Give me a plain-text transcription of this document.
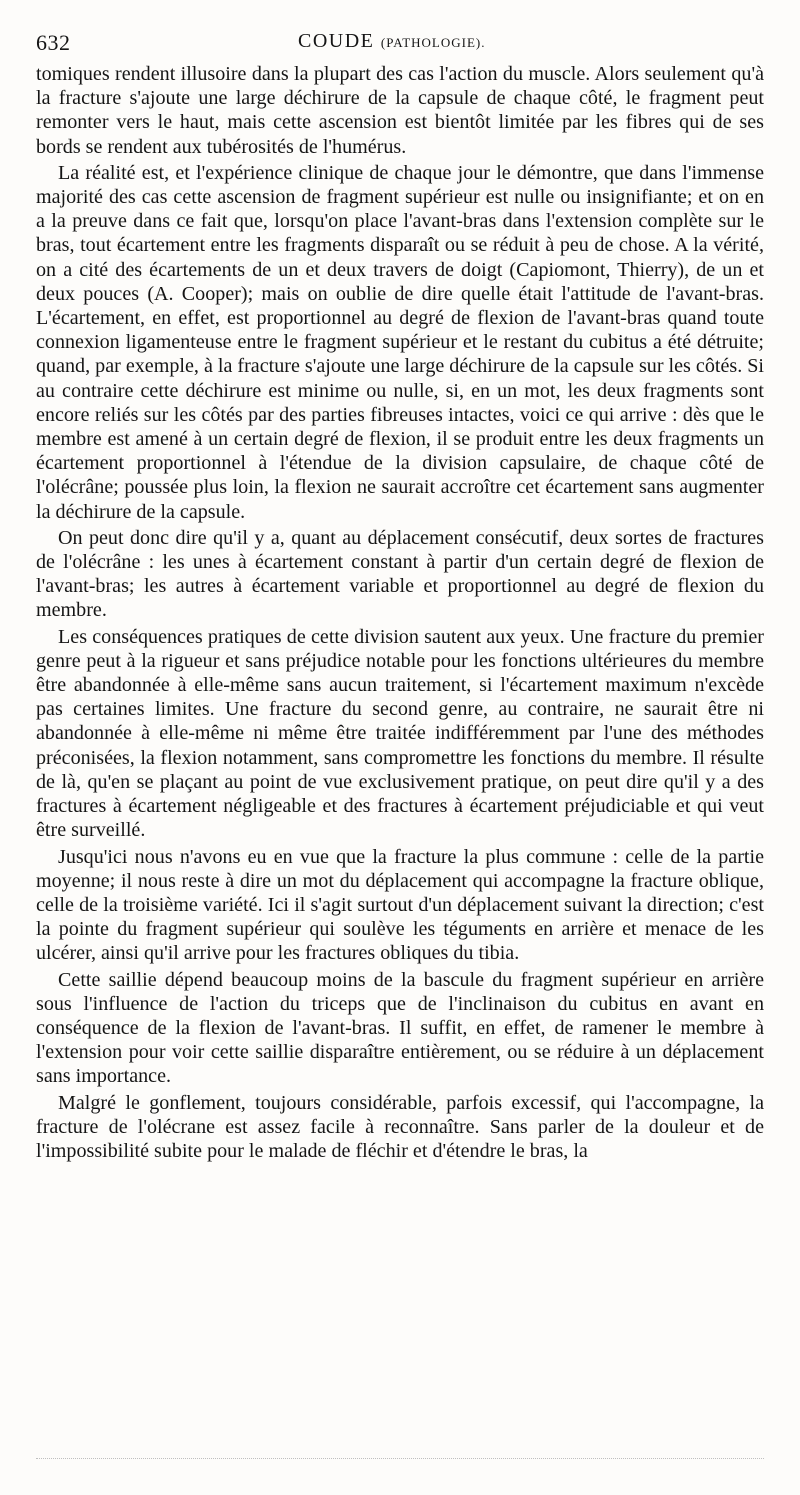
632	COUDE (PATHOLOGIE).

tomiques rendent illusoire dans la plupart des cas l'action du muscle. Alors seulement qu'à la fracture s'ajoute une large déchirure de la capsule de chaque côté, le fragment peut remonter vers le haut, mais cette ascension est bientôt limitée par les fibres qui de ses bords se rendent aux tubérosités de l'humérus.

La réalité est, et l'expérience clinique de chaque jour le démontre, que dans l'immense majorité des cas cette ascension de fragment supérieur est nulle ou insignifiante; et on en a la preuve dans ce fait que, lorsqu'on place l'avant-bras dans l'extension complète sur le bras, tout écartement entre les fragments disparaît ou se réduit à peu de chose. A la vérité, on a cité des écartements de un et deux travers de doigt (Capiomont, Thierry), de un et deux pouces (A. Cooper); mais on oublie de dire quelle était l'attitude de l'avant-bras. L'écartement, en effet, est proportionnel au degré de flexion de l'avant-bras quand toute connexion ligamenteuse entre le fragment supérieur et le restant du cubitus a été détruite; quand, par exemple, à la fracture s'ajoute une large déchirure de la capsule sur les côtés. Si au contraire cette déchirure est minime ou nulle, si, en un mot, les deux fragments sont encore reliés sur les côtés par des parties fibreuses intactes, voici ce qui arrive : dès que le membre est amené à un certain degré de flexion, il se produit entre les deux fragments un écartement proportionnel à l'étendue de la division capsulaire, de chaque côté de l'olécrâne; poussée plus loin, la flexion ne saurait accroître cet écartement sans augmenter la déchirure de la capsule.

On peut donc dire qu'il y a, quant au déplacement consécutif, deux sortes de fractures de l'olécrâne : les unes à écartement constant à partir d'un certain degré de flexion de l'avant-bras; les autres à écartement variable et proportionnel au degré de flexion du membre.

Les conséquences pratiques de cette division sautent aux yeux. Une fracture du premier genre peut à la rigueur et sans préjudice notable pour les fonctions ultérieures du membre être abandonnée à elle-même sans aucun traitement, si l'écartement maximum n'excède pas certaines limites. Une fracture du second genre, au contraire, ne saurait être ni abandonnée à elle-même ni même être traitée indifféremment par l'une des méthodes préconisées, la flexion notamment, sans compromettre les fonctions du membre. Il résulte de là, qu'en se plaçant au point de vue exclusivement pratique, on peut dire qu'il y a des fractures à écartement négligeable et des fractures à écartement préjudiciable et qui veut être surveillé.

Jusqu'ici nous n'avons eu en vue que la fracture la plus commune : celle de la partie moyenne; il nous reste à dire un mot du déplacement qui accompagne la fracture oblique, celle de la troisième variété. Ici il s'agit surtout d'un déplacement suivant la direction; c'est la pointe du fragment supérieur qui soulève les téguments en arrière et menace de les ulcérer, ainsi qu'il arrive pour les fractures obliques du tibia.

Cette saillie dépend beaucoup moins de la bascule du fragment supérieur en arrière sous l'influence de l'action du triceps que de l'inclinaison du cubitus en avant en conséquence de la flexion de l'avant-bras. Il suffit, en effet, de ramener le membre à l'extension pour voir cette saillie disparaître entièrement, ou se réduire à un déplacement sans importance.

Malgré le gonflement, toujours considérable, parfois excessif, qui l'accompagne, la fracture de l'olécrane est assez facile à reconnaître. Sans parler de la douleur et de l'impossibilité subite pour le malade de fléchir et d'étendre le bras, la
